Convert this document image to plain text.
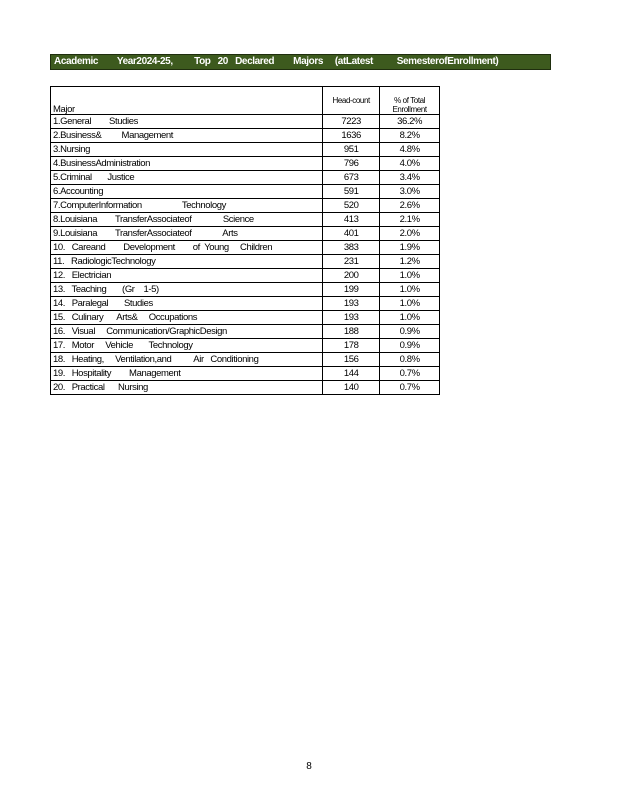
Academic        Year2024-25,         Top   20   Declared        Majors     (atLatest          SemesterofEnrollment)
Major	Head-count	% of Total Enrollment
1.General        Studies	7223	36.2%
2.Business&         Management	1636	8.2%
3.Nursing	951	4.8%
4.BusinessAdministration	796	4.0%
5.Criminal       Justice	673	3.4%
6.Accounting	591	3.0%
7.ComputerInformation                  Technology	520	2.6%
8.Louisiana        TransferAssociateof              Science	413	2.1%
9.Louisiana        TransferAssociateof              Arts	401	2.0%
10.   Careand        Development        of  Young     Children	383	1.9%
11.   RadiologicTechnology	231	1.2%
12.   Electrician	200	1.0%
13.   Teaching       (Gr    1-5)	199	1.0%
14.   Paralegal       Studies	193	1.0%
15.   Culinary      Arts&     Occupations	193	1.0%
16.   Visual     Communication/GraphicDesign	188	0.9%
17.   Motor     Vehicle       Technology	178	0.9%
18.   Heating,     Ventilation,and          Air   Conditioning	156	0.8%
19.   Hospitality        Management	144	0.7%
20.   Practical      Nursing	140	0.7%
8
